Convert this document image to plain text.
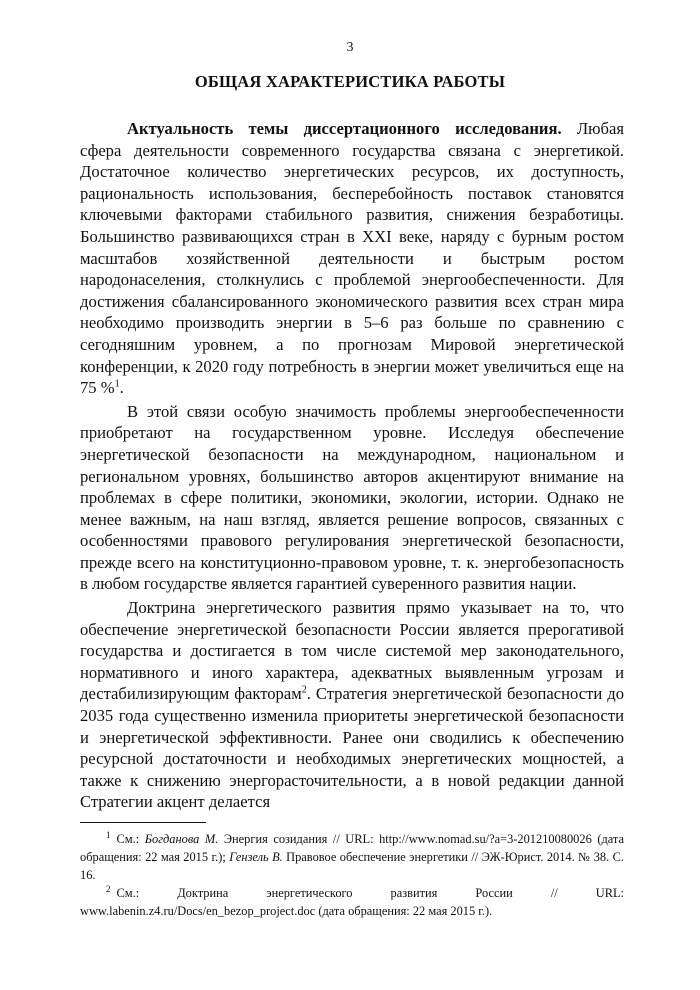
3
ОБЩАЯ ХАРАКТЕРИСТИКА РАБОТЫ

Актуальность темы диссертационного исследования. Любая сфера деятельности современного государства связана с энергетикой. Достаточное количество энергетических ресурсов, их доступность, рациональность использования, бесперебойность поставок становятся ключевыми факторами стабильного развития, снижения безработицы. Большинство развивающихся стран в XXI веке, наряду с бурным ростом масштабов хозяйственной деятельности и быстрым ростом народонаселения, столкнулись с проблемой энергообеспеченности. Для достижения сбалансированного экономического развития всех стран мира необходимо производить энергии в 5–6 раз больше по сравнению с сегодняшним уровнем, а по прогнозам Мировой энергетической конференции, к 2020 году потребность в энергии может увеличиться еще на 75 %$^1$.

В этой связи особую значимость проблемы энергообеспеченности приобретают на государственном уровне. Исследуя обеспечение энергетической безопасности на международном, национальном и региональном уровнях, большинство авторов акцентируют внимание на проблемах в сфере политики, экономики, экологии, истории. Однако не менее важным, на наш взгляд, является решение вопросов, связанных с особенностями правового регулирования энергетической безопасности, прежде всего на конституционно-правовом уровне, т. к. энергобезопасность в любом государстве является гарантией суверенного развития нации.

Доктрина энергетического развития прямо указывает на то, что обеспечение энергетической безопасности России является прерогативой государства и достигается в том числе системой мер законодательного, нормативного и иного характера, адекватных выявленным угрозам и дестабилизирующим факторам$^2$. Стратегия энергетической безопасности до 2035 года существенно изменила приоритеты энергетической безопасности и энергетической эффективности. Ранее они сводились к обеспечению ресурсной достаточности и необходимых энергетических мощностей, а также к снижению энергорасточительности, а в новой редакции данной Стратегии акцент делается

$^1$ См.: Богданова М. Энергия созидания // URL: http://www.nomad.su/?a=3-201210080026 (дата обращения: 22 мая 2015 г.); Гензель В. Правовое обеспечение энергетики // ЭЖ-Юрист. 2014. № 38. С. 16.

$^2$ См.: Доктрина энергетического развития России // URL: www.labenin.z4.ru/Docs/en_bezop_project.doc (дата обращения: 22 мая 2015 г.).
